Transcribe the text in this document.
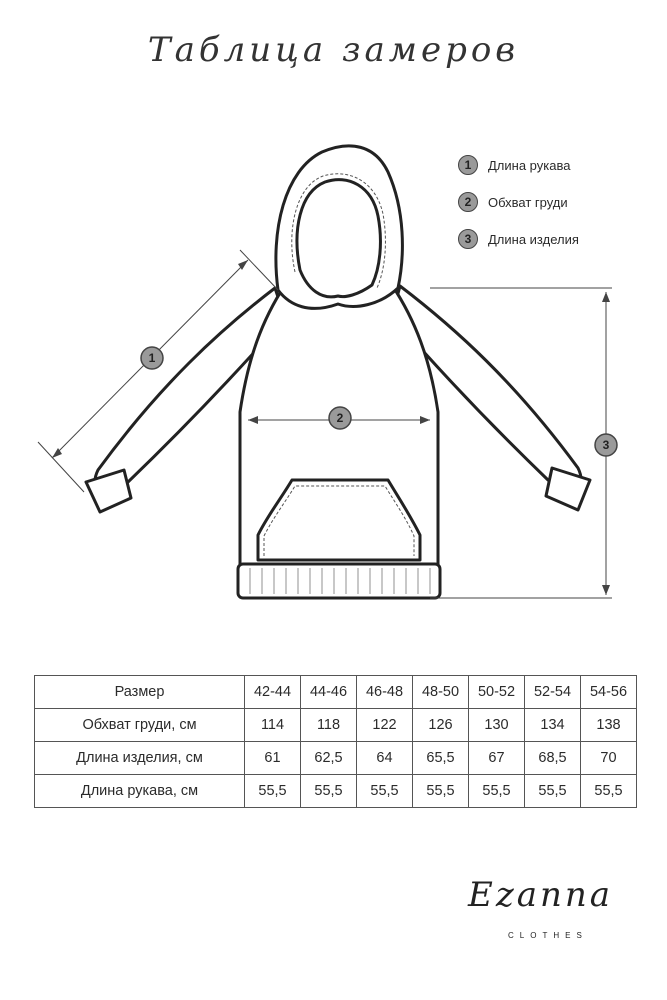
Таблица замеров
1
2
3
1	Длина рукава
2	Обхват груди
3	Длина изделия
Размер	42-44	44-46	46-48	48-50	50-52	52-54	54-56
Обхват груди, см	114	118	122	126	130	134	138
Длина изделия, см	61	62,5	64	65,5	67	68,5	70
Длина рукава, см	55,5	55,5	55,5	55,5	55,5	55,5	55,5
Ezanna
CLOTHES
